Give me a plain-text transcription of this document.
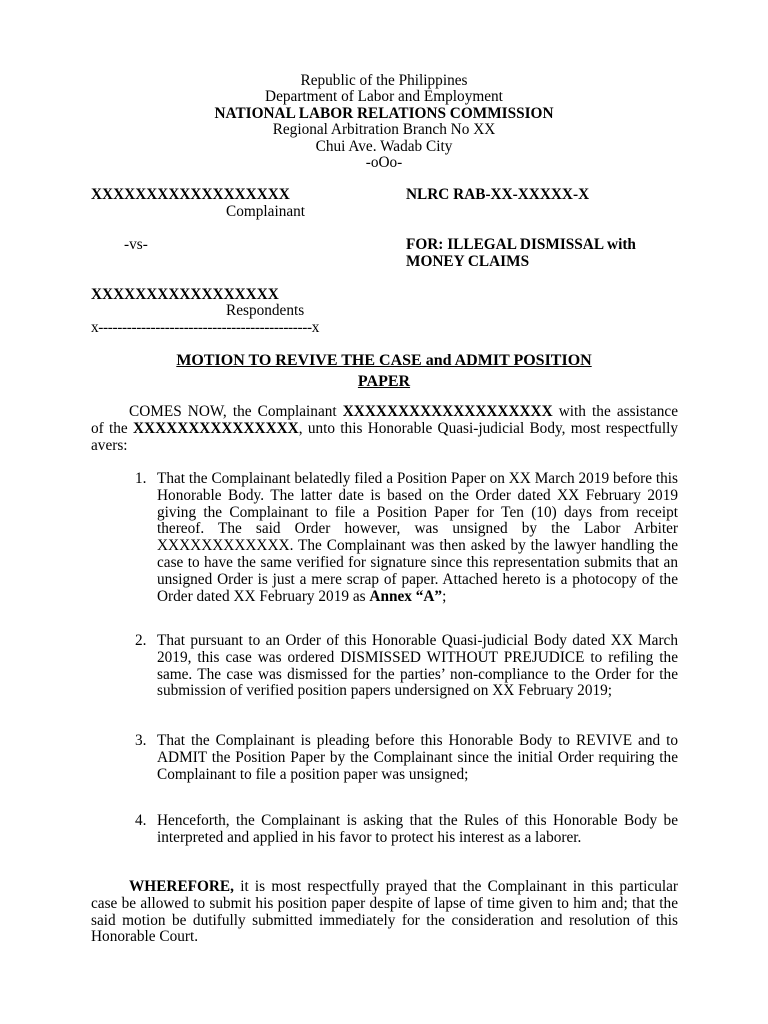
Republic of the Philippines
Department of Labor and Employment
NATIONAL LABOR RELATIONS COMMISSION
Regional Arbitration Branch No XX
Chui Ave. Wadab City
-oOo-
XXXXXXXXXXXXXXXXXX
Complainant
NLRC RAB-XX-XXXXX-X
-vs-	FOR: ILLEGAL DISMISSAL with
MONEY CLAIMS
XXXXXXXXXXXXXXXXX
Respondents
x---------------------------------------------x
MOTION TO REVIVE THE CASE and ADMIT POSITION
PAPER
COMES NOW, the Complainant XXXXXXXXXXXXXXXXXXX with the assistance of the XXXXXXXXXXXXXXX, unto this Honorable Quasi-judicial Body, most respectfully avers:
1. That the Complainant belatedly filed a Position Paper on XX March 2019 before this Honorable Body. The latter date is based on the Order dated XX February 2019 giving the Complainant to file a Position Paper for Ten (10) days from receipt thereof. The said Order however, was unsigned by the Labor Arbiter XXXXXXXXXXXX. The Complainant was then asked by the lawyer handling the case to have the same verified for signature since this representation submits that an unsigned Order is just a mere scrap of paper. Attached hereto is a photocopy of the Order dated XX February 2019 as Annex “A”;
2. That pursuant to an Order of this Honorable Quasi-judicial Body dated XX March 2019, this case was ordered DISMISSED WITHOUT PREJUDICE to refiling the same. The case was dismissed for the parties’ non-compliance to the Order for the submission of verified position papers undersigned on XX February 2019;
3. That the Complainant is pleading before this Honorable Body to REVIVE and to ADMIT the Position Paper by the Complainant since the initial Order requiring the Complainant to file a position paper was unsigned;
4. Henceforth, the Complainant is asking that the Rules of this Honorable Body be interpreted and applied in his favor to protect his interest as a laborer.
WHEREFORE, it is most respectfully prayed that the Complainant in this particular case be allowed to submit his position paper despite of lapse of time given to him and; that the said motion be dutifully submitted immediately for the consideration and resolution of this Honorable Court.
